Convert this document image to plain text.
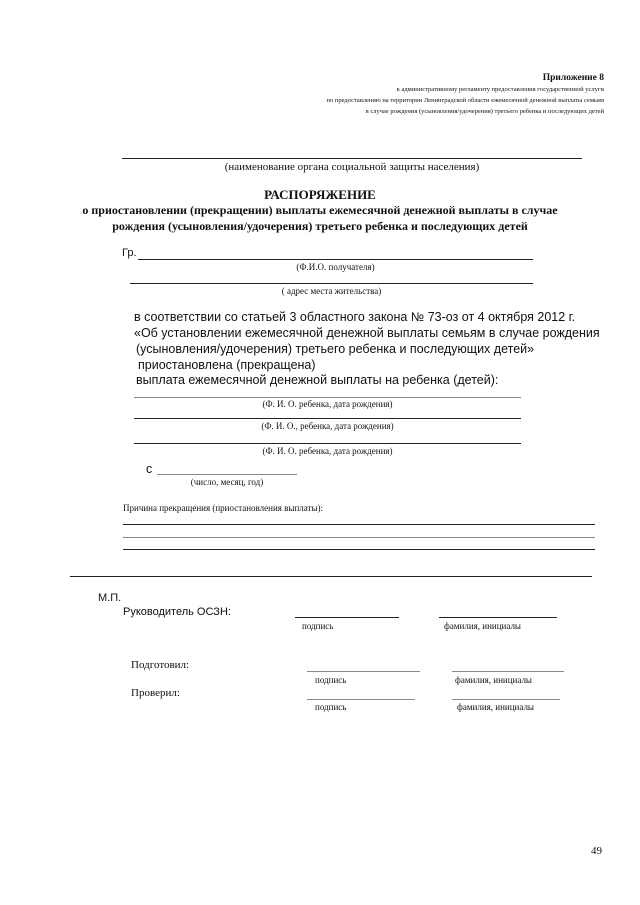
Приложение 8
к административному регламенту предоставления государственной услуги
по предоставлению на территории Ленинградской области ежемесячной денежной выплаты семьям
в случае рождения (усыновления/удочерения) третьего ребенка и последующих детей
(наименование органа социальной защиты населения)
РАСПОРЯЖЕНИЕ
о приостановлении (прекращении) выплаты ежемесячной денежной выплаты в случае
рождения (усыновления/удочерения) третьего ребенка и последующих детей
Гр.
(Ф.И.О. получателя)
( адрес места жительства)
в соответствии со статьей 3 областного закона № 73-оз от 4 октября 2012 г.
«Об установлении ежемесячной денежной выплаты семьям в случае рождения
(усыновления/удочерения) третьего ребенка и последующих детей»
приостановлена (прекращена)
выплата ежемесячной денежной выплаты на ребенка (детей):
(Ф. И. О. ребенка, дата рождения)
(Ф. И. О., ребенка, дата рождения)
(Ф. И. О. ребенка, дата рождения)
с
(число, месяц, год)
Причина прекращения (приостановления выплаты):
М.П.
Руководитель ОСЗН:
подпись	фамилия, инициалы
Подготовил:
подпись	фамилия, инициалы
Проверил:
подпись	фамилия, инициалы
49
